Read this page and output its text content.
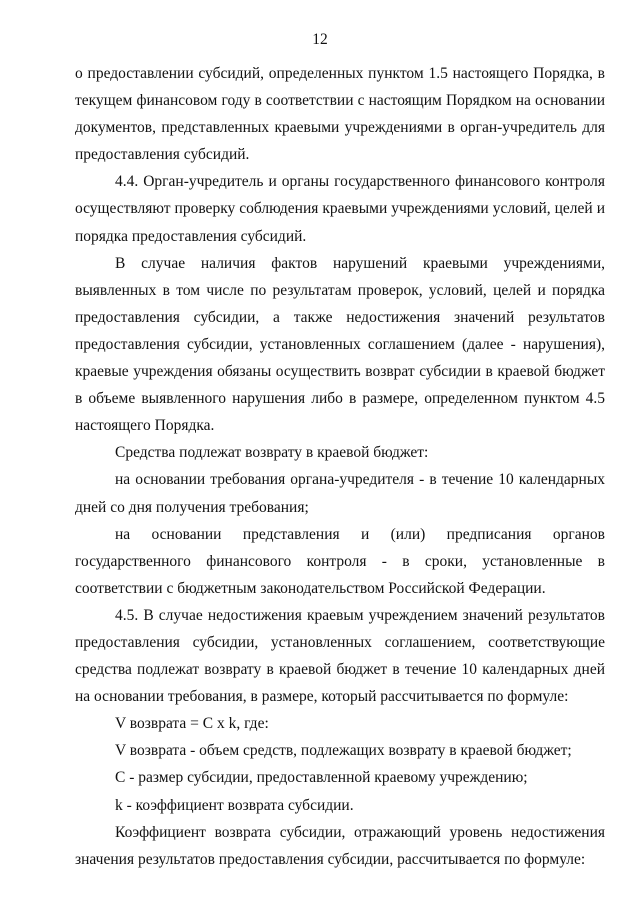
12

о предоставлении субсидий, определенных пунктом 1.5 настоящего Порядка, в текущем финансовом году в соответствии с настоящим Порядком на основании документов, представленных краевыми учреждениями в орган-учредитель для предоставления субсидий.

4.4. Орган-учредитель и органы государственного финансового контроля осуществляют проверку соблюдения краевыми учреждениями условий, целей и порядка предоставления субсидий.

В случае наличия фактов нарушений краевыми учреждениями, выявленных в том числе по результатам проверок, условий, целей и порядка предоставления субсидии, а также недостижения значений результатов предоставления субсидии, установленных соглашением (далее - нарушения), краевые учреждения обязаны осуществить возврат субсидии в краевой бюджет в объеме выявленного нарушения либо в размере, определенном пунктом 4.5 настоящего Порядка.

Средства подлежат возврату в краевой бюджет:

на основании требования органа-учредителя - в течение 10 календарных дней со дня получения требования;

на основании представления и (или) предписания органов государственного финансового контроля - в сроки, установленные в соответствии с бюджетным законодательством Российской Федерации.

4.5. В случае недостижения краевым учреждением значений результатов предоставления субсидии, установленных соглашением, соответствующие средства подлежат возврату в краевой бюджет в течение 10 календарных дней на основании требования, в размере, который рассчитывается по формуле:

V возврата = C x k, где:

V возврата - объем средств, подлежащих возврату в краевой бюджет;

C - размер субсидии, предоставленной краевому учреждению;

k - коэффициент возврата субсидии.

Коэффициент возврата субсидии, отражающий уровень недостижения значения результатов предоставления субсидии, рассчитывается по формуле:
